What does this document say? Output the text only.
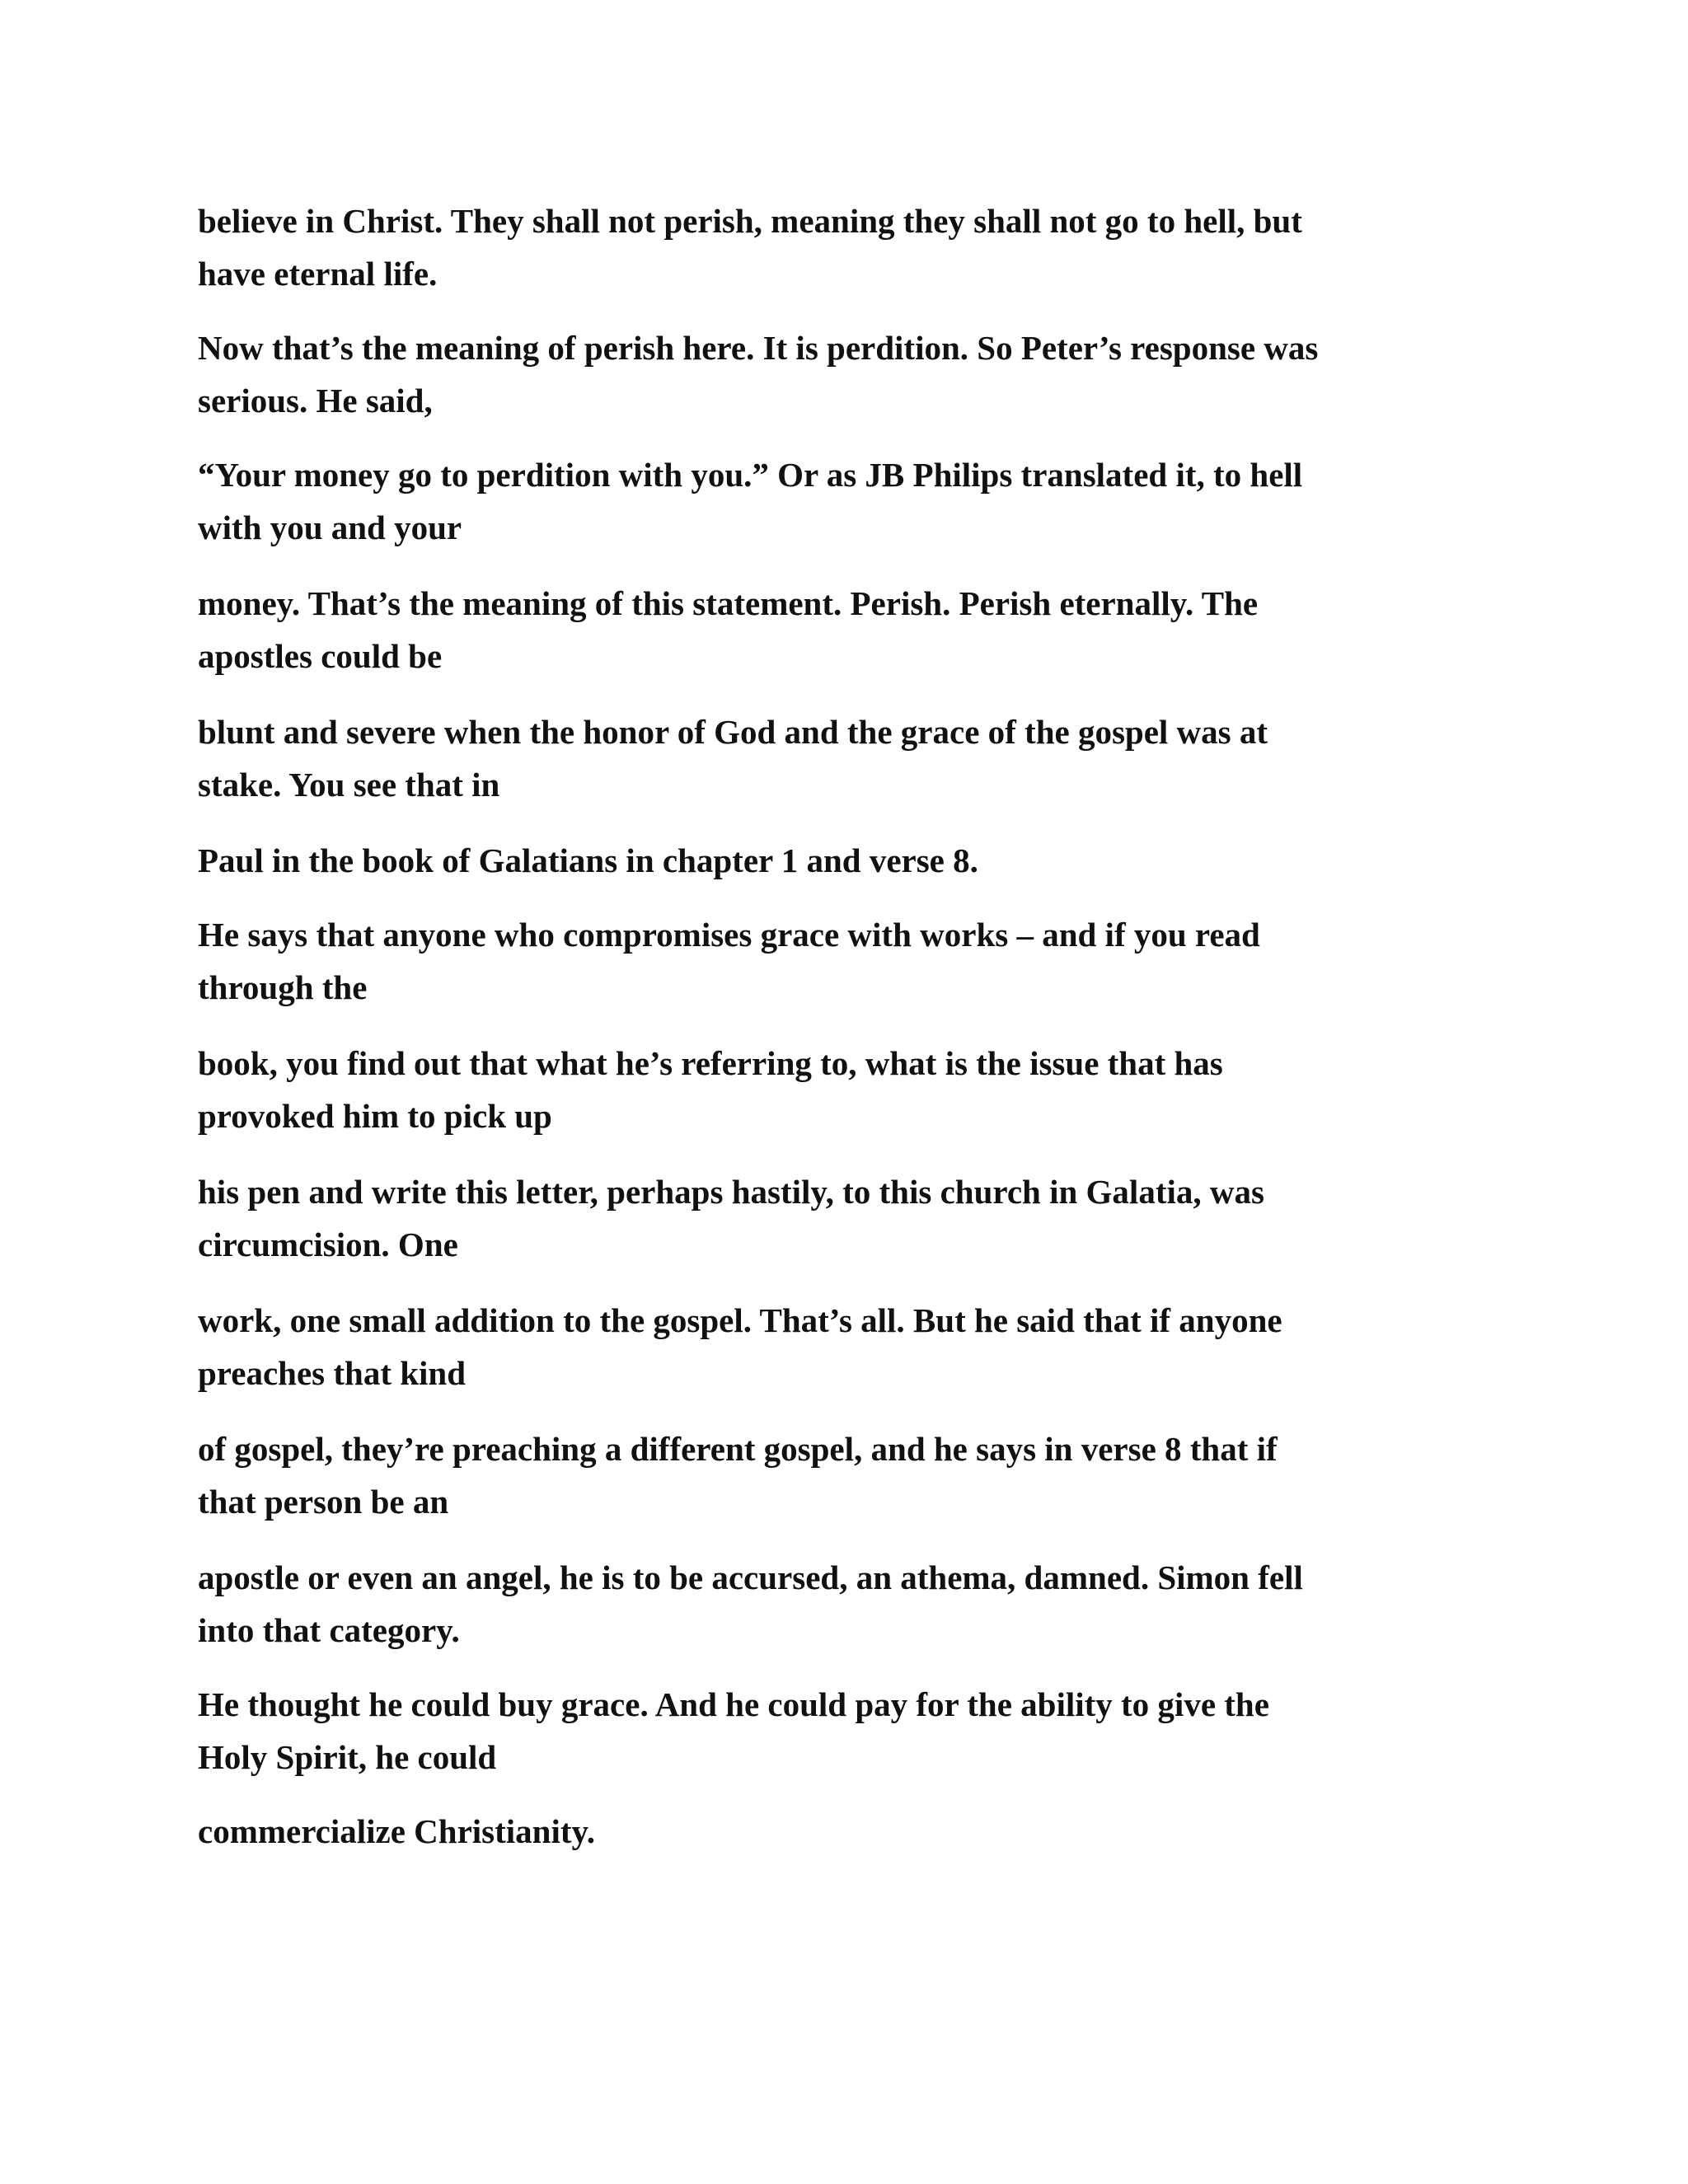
believe in Christ. They shall not perish, meaning they shall not go to hell, but
have eternal life.

Now that’s the meaning of perish here. It is perdition. So Peter’s response was
serious. He said,

“Your money go to perdition with you.” Or as JB Philips translated it, to hell
with you and your

money. That’s the meaning of this statement. Perish. Perish eternally. The
apostles could be

blunt and severe when the honor of God and the grace of the gospel was at
stake. You see that in

Paul in the book of Galatians in chapter 1 and verse 8.

He says that anyone who compromises grace with works – and if you read
through the

book, you find out that what he’s referring to, what is the issue that has
provoked him to pick up

his pen and write this letter, perhaps hastily, to this church in Galatia, was
circumcision. One

work, one small addition to the gospel. That’s all. But he said that if anyone
preaches that kind

of gospel, they’re preaching a different gospel, and he says in verse 8 that if
that person be an

apostle or even an angel, he is to be accursed, an athema, damned. Simon fell
into that category.

He thought he could buy grace. And he could pay for the ability to give the
Holy Spirit, he could

commercialize Christianity.
